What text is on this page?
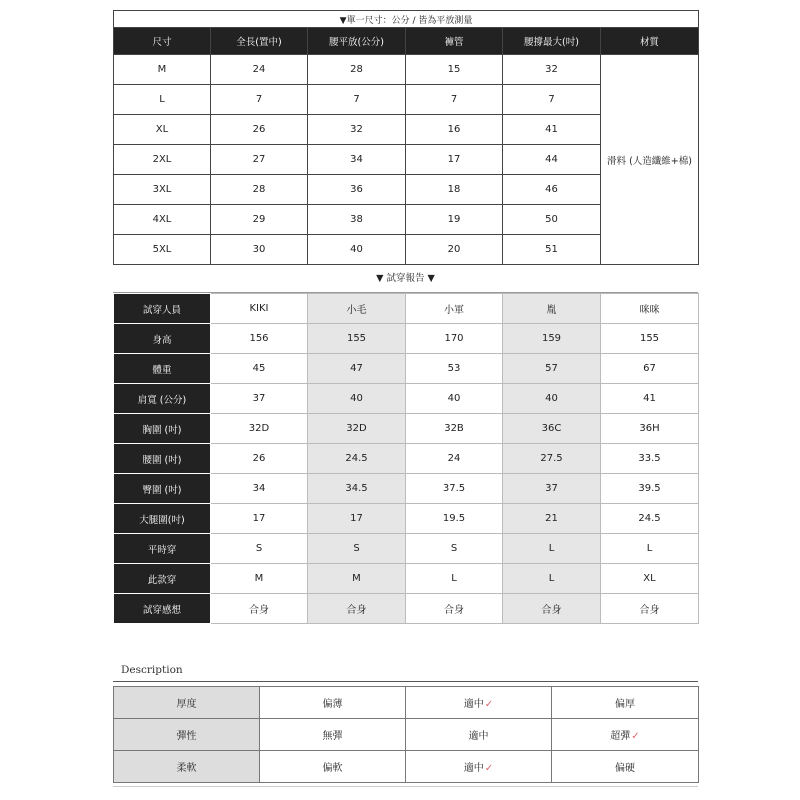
▼單一尺寸：公分 / 皆為平放測量					
尺寸	全長(置中)	腰平放(公分)	褲管	腰撐最大(吋)	材質
M	24	28	15	32	滑料 (人造纖維+棉)
L	7	7	7	7	
XL	26	32	16	41	
2XL	27	34	17	44	
3XL	28	36	18	46	
4XL	29	38	19	50	
5XL	30	40	20	51	
▼ 試穿報告 ▼
試穿人員	KIKI	小毛	小軍	胤	咪咪
身高	156	155	170	159	155
體重	45	47	53	57	67
肩寬 (公分)	37	40	40	40	41
胸圍 (吋)	32D	32D	32B	36C	36H
腰圍 (吋)	26	24.5	24	27.5	33.5
臀圍 (吋)	34	34.5	37.5	37	39.5
大腿圍(吋)	17	17	19.5	21	24.5
平時穿	S	S	S	L	L
此款穿	M	M	L	L	XL
試穿感想	合身	合身	合身	合身	合身
Description
厚度	偏薄	適中✓	偏厚
彈性	無彈	適中	超彈✓
柔軟	偏軟	適中✓	偏硬
